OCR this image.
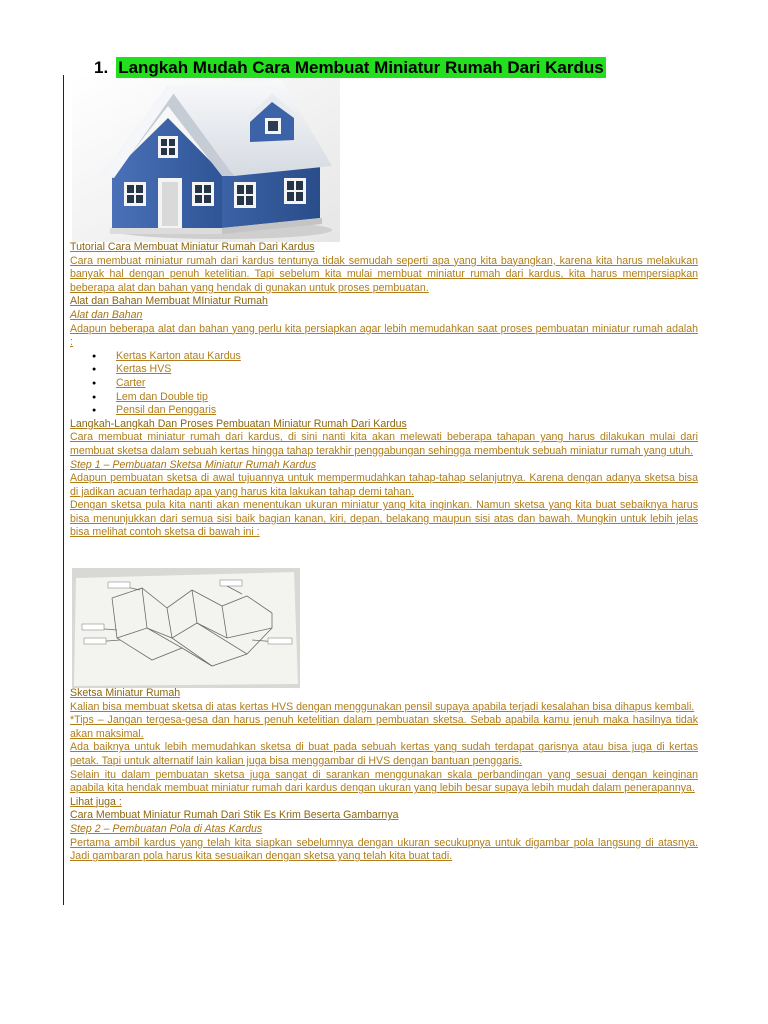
1. Langkah Mudah Cara Membuat Miniatur Rumah Dari Kardus

Tutorial Cara Membuat Miniatur Rumah Dari Kardus

Cara membuat miniatur rumah dari kardus tentunya tidak semudah seperti apa yang kita bayangkan, karena kita harus melakukan banyak hal dengan penuh ketelitian. Tapi sebelum kita mulai membuat miniatur rumah dari kardus, kita harus mempersiapkan beberapa alat dan bahan yang hendak di gunakan untuk proses pembuatan.

Alat dan Bahan Membuat MIniatur Rumah

Alat dan Bahan

Adapun beberapa alat dan bahan yang perlu kita persiapkan agar lebih memudahkan saat proses pembuatan miniatur rumah adalah :

● Kertas Karton atau Kardus
● Kertas HVS
● Carter
● Lem dan Double tip
● Pensil dan Penggaris

Langkah-Langkah Dan Proses Pembuatan Miniatur Rumah Dari Kardus

Cara membuat miniatur rumah dari kardus, di sini nanti kita akan melewati beberapa tahapan yang harus dilakukan mulai dari membuat sketsa dalam sebuah kertas hingga tahap terakhir penggabungan sehingga membentuk sebuah miniatur rumah yang utuh.

Step 1 – Pembuatan Sketsa Miniatur Rumah Kardus

Adapun pembuatan sketsa di awal tujuannya untuk mempermudahkan tahap-tahap selanjutnya. Karena dengan adanya sketsa bisa di jadikan acuan terhadap apa yang harus kita lakukan tahap demi tahan.

Dengan sketsa pula kita nanti akan menentukan ukuran miniatur yang kita inginkan. Namun sketsa yang kita buat sebaiknya harus bisa menunjukkan dari semua sisi baik bagian kanan, kiri, depan, belakang maupun sisi atas dan bawah. Mungkin untuk lebih jelas bisa melihat contoh sketsa di bawah ini :

Sketsa Miniatur Rumah

Kalian bisa membuat sketsa di atas kertas HVS dengan menggunakan pensil supaya apabila terjadi kesalahan bisa dihapus kembali.

*Tips – Jangan tergesa-gesa dan harus penuh ketelitian dalam pembuatan sketsa. Sebab apabila kamu jenuh maka hasilnya tidak akan maksimal.

Ada baiknya untuk lebih memudahkan sketsa di buat pada sebuah kertas yang sudah terdapat garisnya atau bisa juga di kertas petak. Tapi untuk alternatif lain kalian juga bisa menggambar di HVS dengan bantuan penggaris.

Selain itu dalam pembuatan sketsa juga sangat di sarankan menggunakan skala perbandingan yang sesuai dengan keinginan apabila kita hendak membuat miniatur rumah dari kardus dengan ukuran yang lebih besar supaya lebih mudah dalam penerapannya.

Lihat juga :

Cara Membuat Miniatur Rumah Dari Stik Es Krim Beserta Gambarnya

Step 2 – Pembuatan Pola di Atas Kardus

Pertama ambil kardus yang telah kita siapkan sebelumnya dengan ukuran secukupnya untuk digambar pola langsung di atasnya. Jadi gambaran pola harus kita sesuaikan dengan sketsa yang telah kita buat tadi.
